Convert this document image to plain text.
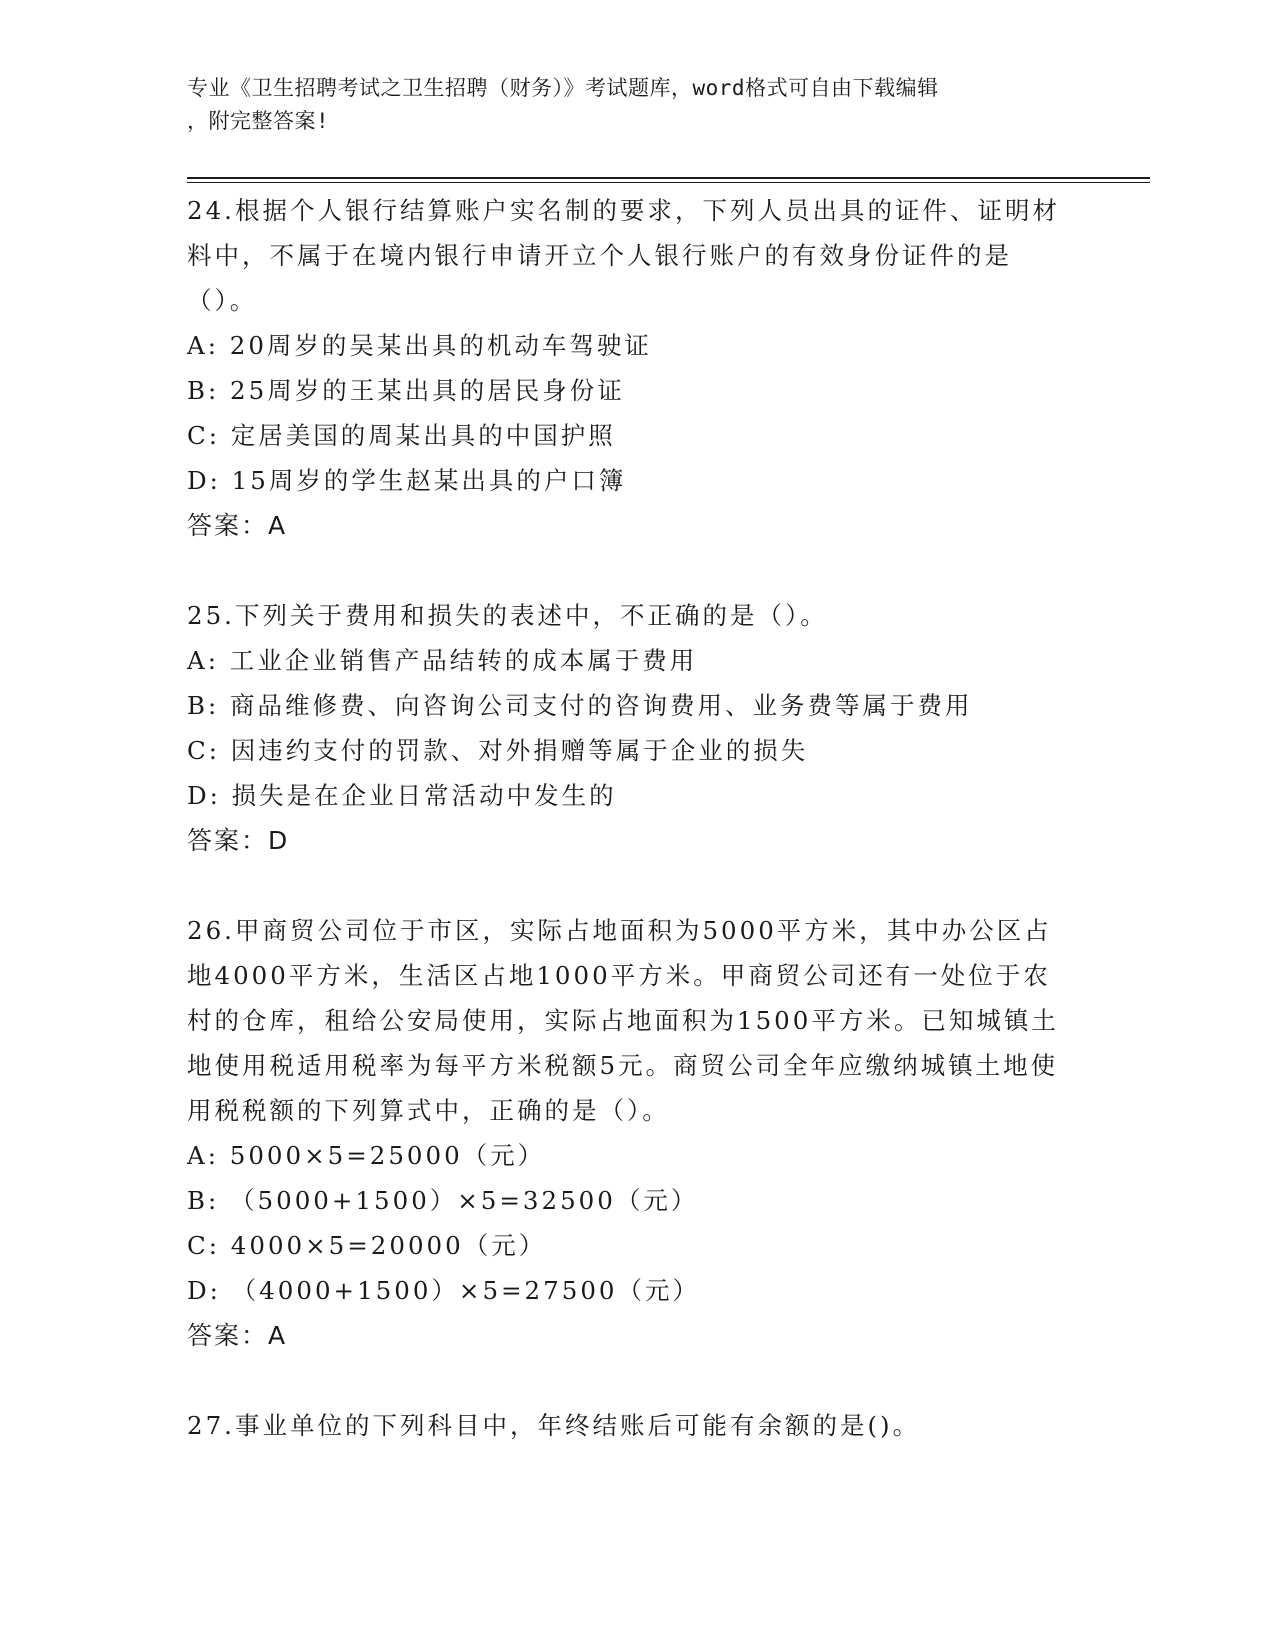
专业《卫生招聘考试之卫生招聘（财务）》考试题库，word格式可自由下载编辑
，附完整答案!

24.根据个人银行结算账户实名制的要求，下列人员出具的证件、证明材料中，不属于在境内银行申请开立个人银行账户的有效身份证件的是（）。

A: 20周岁的吴某出具的机动车驾驶证

B: 25周岁的王某出具的居民身份证

C: 定居美国的周某出具的中国护照

D: 15周岁的学生赵某出具的户口簿

答案：A

25.下列关于费用和损失的表述中，不正确的是（）。

A: 工业企业销售产品结转的成本属于费用

B: 商品维修费、向咨询公司支付的咨询费用、业务费等属于费用

C: 因违约支付的罚款、对外捐赠等属于企业的损失

D: 损失是在企业日常活动中发生的

答案：D

26.甲商贸公司位于市区，实际占地面积为5000平方米，其中办公区占地4000平方米，生活区占地1000平方米。甲商贸公司还有一处位于农村的仓库，租给公安局使用，实际占地面积为1500平方米。已知城镇土地使用税适用税率为每平方米税额5元。商贸公司全年应缴纳城镇土地使用税税额的下列算式中，正确的是（）。

A: 5000×5=25000（元）

B: （5000+1500）×5=32500（元）

C: 4000×5=20000（元）

D: （4000+1500）×5=27500（元）

答案：A

27.事业单位的下列科目中，年终结账后可能有余额的是()。
